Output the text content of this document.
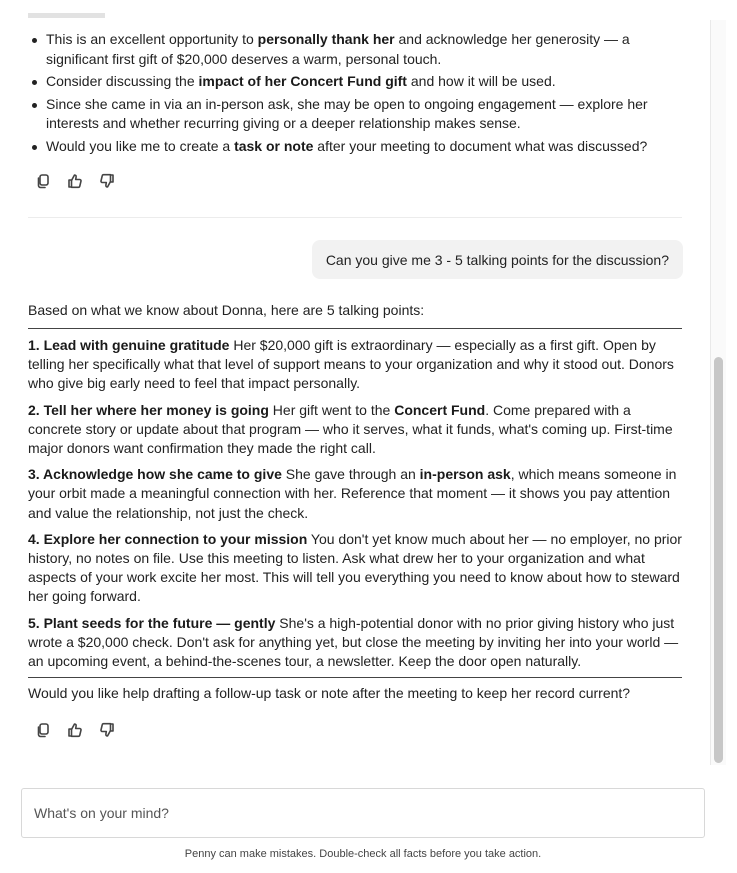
This is an excellent opportunity to personally thank her and acknowledge her generosity — a significant first gift of $20,000 deserves a warm, personal touch.
Consider discussing the impact of her Concert Fund gift and how it will be used.
Since she came in via an in-person ask, she may be open to ongoing engagement — explore her interests and whether recurring giving or a deeper relationship makes sense.
Would you like me to create a task or note after your meeting to document what was discussed?
Can you give me 3 - 5 talking points for the discussion?
Based on what we know about Donna, here are 5 talking points:

1. Lead with genuine gratitude Her $20,000 gift is extraordinary — especially as a first gift. Open by telling her specifically what that level of support means to your organization and why it stood out. Donors who give big early need to feel that impact personally.

2. Tell her where her money is going Her gift went to the Concert Fund. Come prepared with a concrete story or update about that program — who it serves, what it funds, what's coming up. First-time major donors want confirmation they made the right call.

3. Acknowledge how she came to give She gave through an in-person ask, which means someone in your orbit made a meaningful connection with her. Reference that moment — it shows you pay attention and value the relationship, not just the check.

4. Explore her connection to your mission You don't yet know much about her — no employer, no prior history, no notes on file. Use this meeting to listen. Ask what drew her to your organization and what aspects of your work excite her most. This will tell you everything you need to know about how to steward her going forward.

5. Plant seeds for the future — gently She's a high-potential donor with no prior giving history who just wrote a $20,000 check. Don't ask for anything yet, but close the meeting by inviting her into your world — an upcoming event, a behind-the-scenes tour, a newsletter. Keep the door open naturally.

Would you like help drafting a follow-up task or note after the meeting to keep her record current?
What's on your mind?
Penny can make mistakes. Double-check all facts before you take action.
